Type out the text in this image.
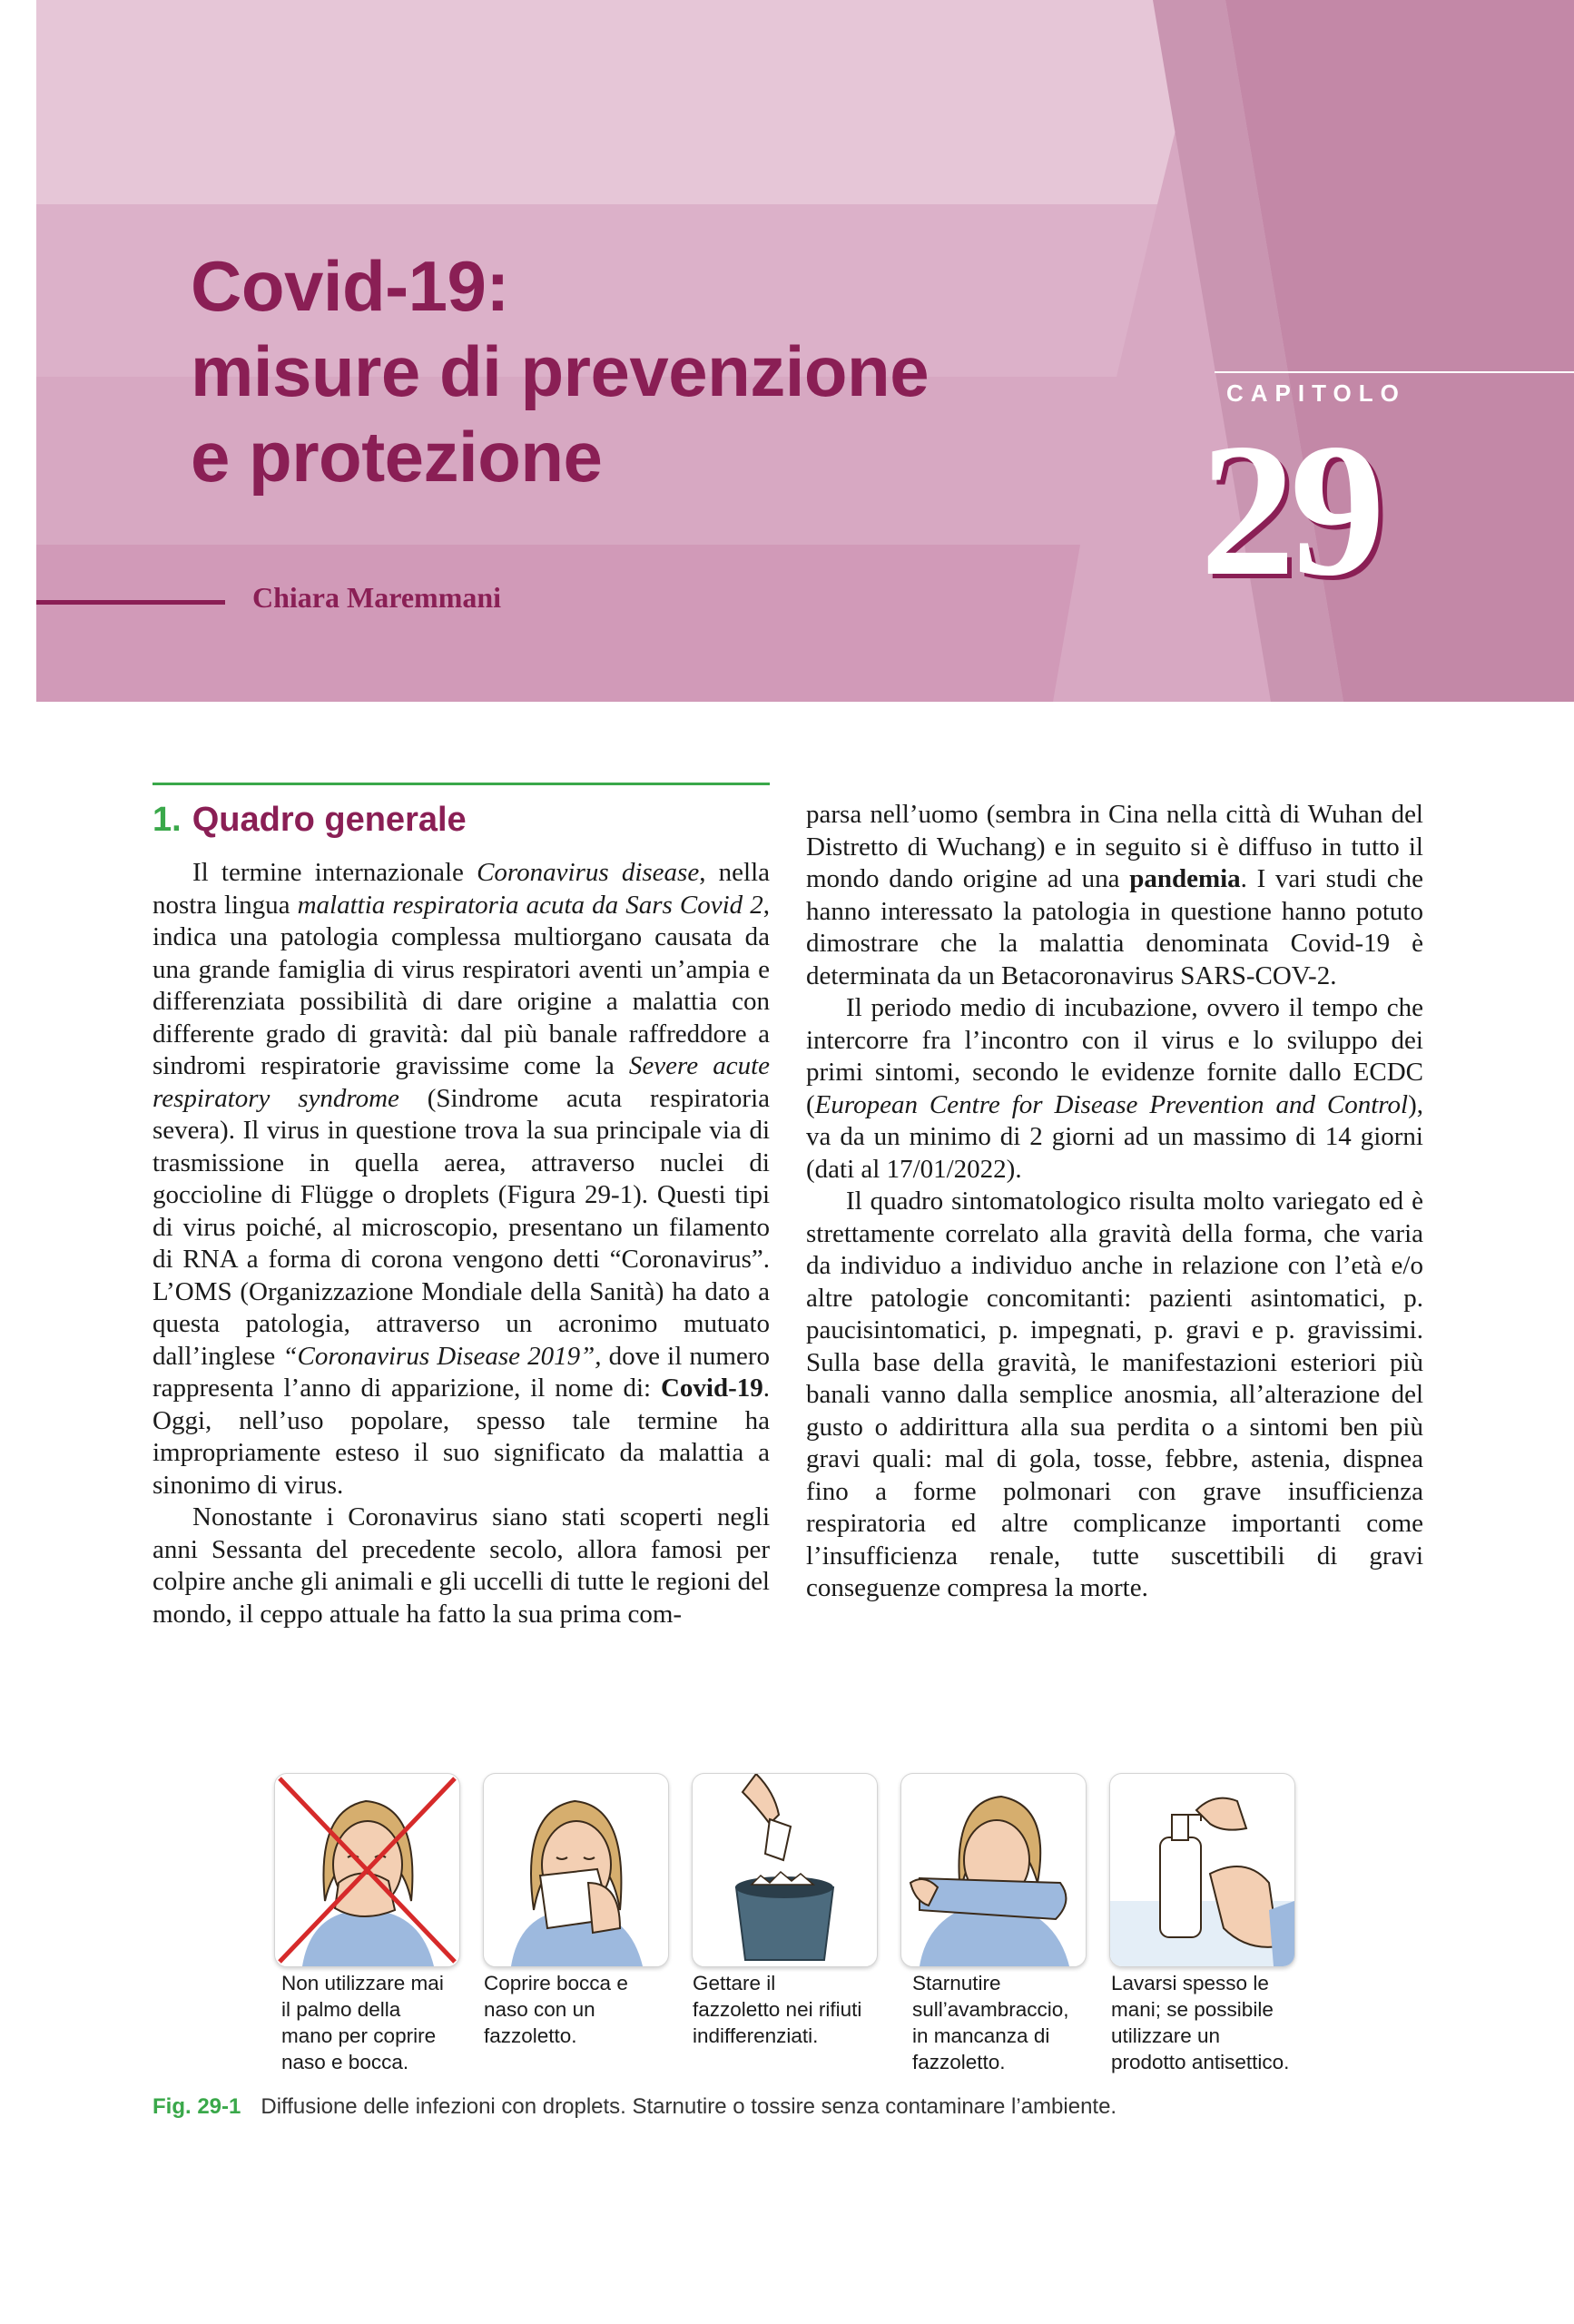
Covid-19:
misure di prevenzione
e protezione
Chiara Maremmani
CAPITOLO
29
1. Quadro generale

Il termine internazionale Coronavirus disease, nella nostra lingua malattia respiratoria acuta da Sars Covid 2, indica una patologia complessa multiorgano causata da una grande famiglia di virus respiratori aventi un’ampia e differenziata possibilità di dare origine a malattia con differente grado di gravità: dal più banale raffreddore a sindromi respiratorie gravissime come la Severe acute respiratory syndrome (Sindrome acuta respiratoria severa). Il virus in questione trova la sua principale via di trasmissione in quella aerea, attraverso nuclei di goccioline di Flügge o droplets (Figura 29-1). Questi tipi di virus poiché, al microscopio, presentano un filamento di RNA a forma di corona vengono detti “Coronavirus”. L’OMS (Organizzazione Mondiale della Sanità) ha dato a questa patologia, attraverso un acronimo mutuato dall’inglese “Coronavirus Disease 2019”, dove il numero rappresenta l’anno di apparizione, il nome di: Covid-19. Oggi, nell’uso popolare, spesso tale termine ha impropriamente esteso il suo significato da malattia a sinonimo di virus.

Nonostante i Coronavirus siano stati scoperti negli anni Sessanta del precedente secolo, allora famosi per colpire anche gli animali e gli uccelli di tutte le regioni del mondo, il ceppo attuale ha fatto la sua prima com-

parsa nell’uomo (sembra in Cina nella città di Wuhan del Distretto di Wuchang) e in seguito si è diffuso in tutto il mondo dando origine ad una pandemia. I vari studi che hanno interessato la patologia in questione hanno potuto dimostrare che la malattia denominata Covid-19 è determinata da un Betacoronavirus SARS-COV-2.

Il periodo medio di incubazione, ovvero il tempo che intercorre fra l’incontro con il virus e lo sviluppo dei primi sintomi, secondo le evidenze fornite dallo ECDC (European Centre for Disease Prevention and Control), va da un minimo di 2 giorni ad un massimo di 14 giorni (dati al 17/01/2022).

Il quadro sintomatologico risulta molto variegato ed è strettamente correlato alla gravità della forma, che varia da individuo a individuo anche in relazione con l’età e/o altre patologie concomitanti: pazienti asintomatici, p. paucisintomatici, p. impegnati, p. gravi e p. gravissimi. Sulla base della gravità, le manifestazioni esteriori più banali vanno dalla semplice anosmia, all’alterazione del gusto o addirittura alla sua perdita o a sintomi ben più gravi quali: mal di gola, tosse, febbre, astenia, dispnea fino a forme polmonari con grave insufficienza respiratoria ed altre complicanze importanti come l’insufficienza renale, tutte suscettibili di gravi conseguenze compresa la morte.

Non utilizzare mai
il palmo della
mano per coprire
naso e bocca.
Coprire bocca e
naso con un
fazzoletto.
Gettare il
fazzoletto nei rifiuti
indifferenziati.
Starnutire
sull’avambraccio,
in mancanza di
fazzoletto.
Lavarsi spesso le
mani; se possibile
utilizzare un
prodotto antisettico.
Fig. 29-1 Diffusione delle infezioni con droplets. Starnutire o tossire senza contaminare l’ambiente.
